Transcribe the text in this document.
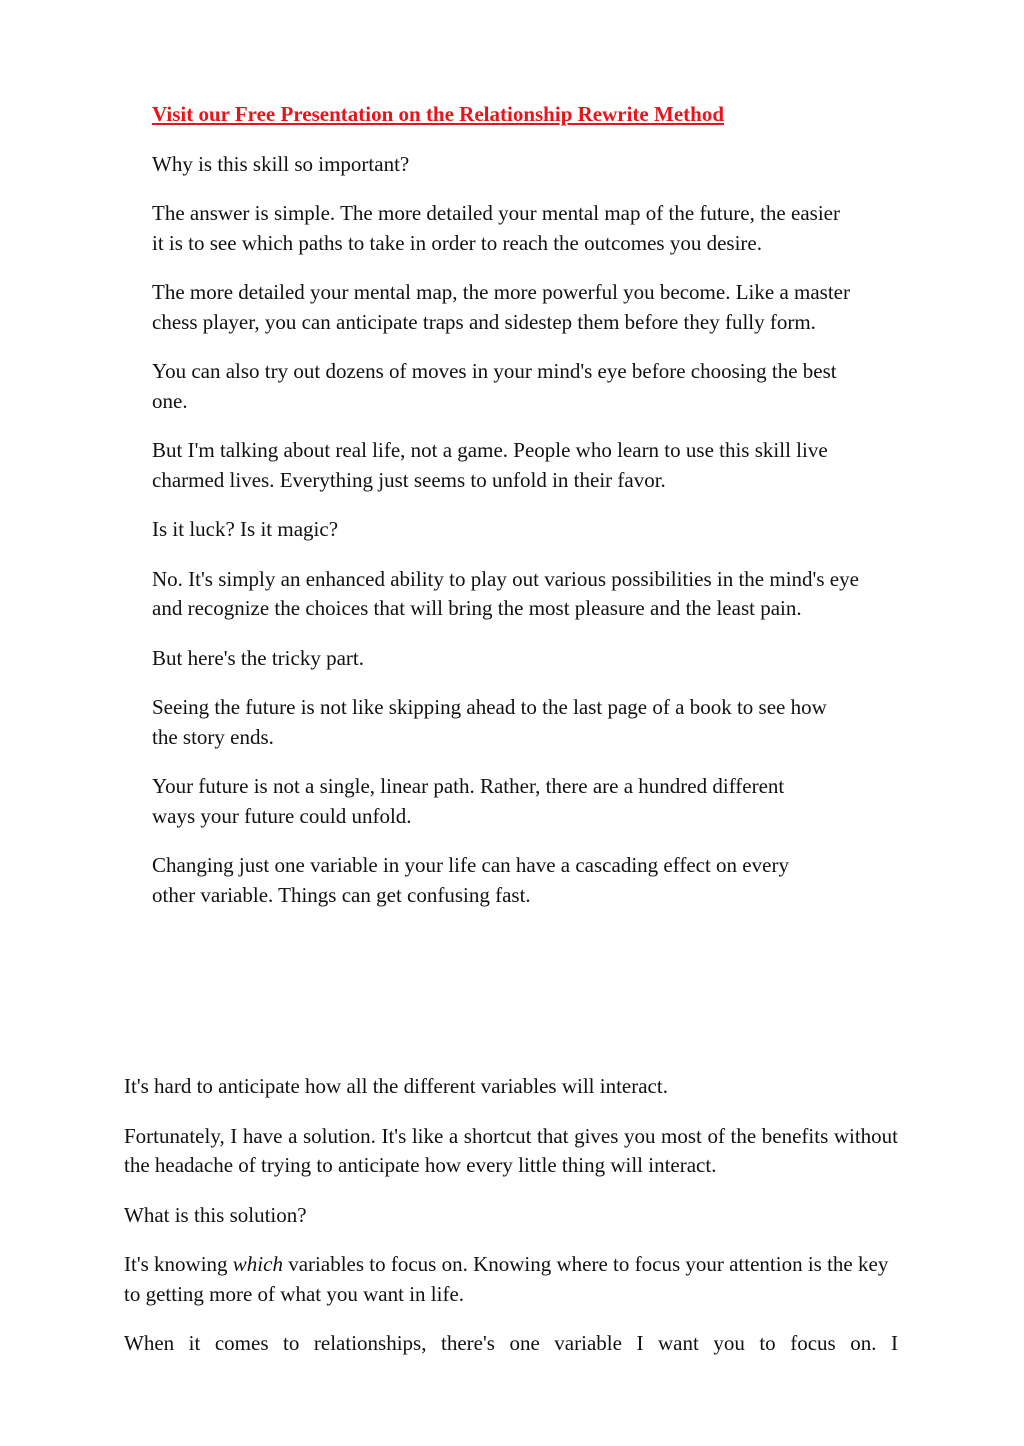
Visit our Free Presentation on the Relationship Rewrite Method

Why is this skill so important?

The answer is simple. The more detailed your mental map of the future, the easier it is to see which paths to take in order to reach the outcomes you desire.

The more detailed your mental map, the more powerful you become. Like a master chess player, you can anticipate traps and sidestep them before they fully form.

You can also try out dozens of moves in your mind's eye before choosing the best one.

But I'm talking about real life, not a game. People who learn to use this skill live charmed lives. Everything just seems to unfold in their favor.

Is it luck? Is it magic?

No. It's simply an enhanced ability to play out various possibilities in the mind's eye and recognize the choices that will bring the most pleasure and the least pain.

But here's the tricky part.

Seeing the future is not like skipping ahead to the last page of a book to see how the story ends.

Your future is not a single, linear path. Rather, there are a hundred different ways your future could unfold.

Changing just one variable in your life can have a cascading effect on every other variable. Things can get confusing fast.

It's hard to anticipate how all the different variables will interact.

Fortunately, I have a solution. It's like a shortcut that gives you most of the benefits without the headache of trying to anticipate how every little thing will interact.

What is this solution?

It's knowing which variables to focus on. Knowing where to focus your attention is the key to getting more of what you want in life.

When it comes to relationships, there's one variable I want you to focus on. I
